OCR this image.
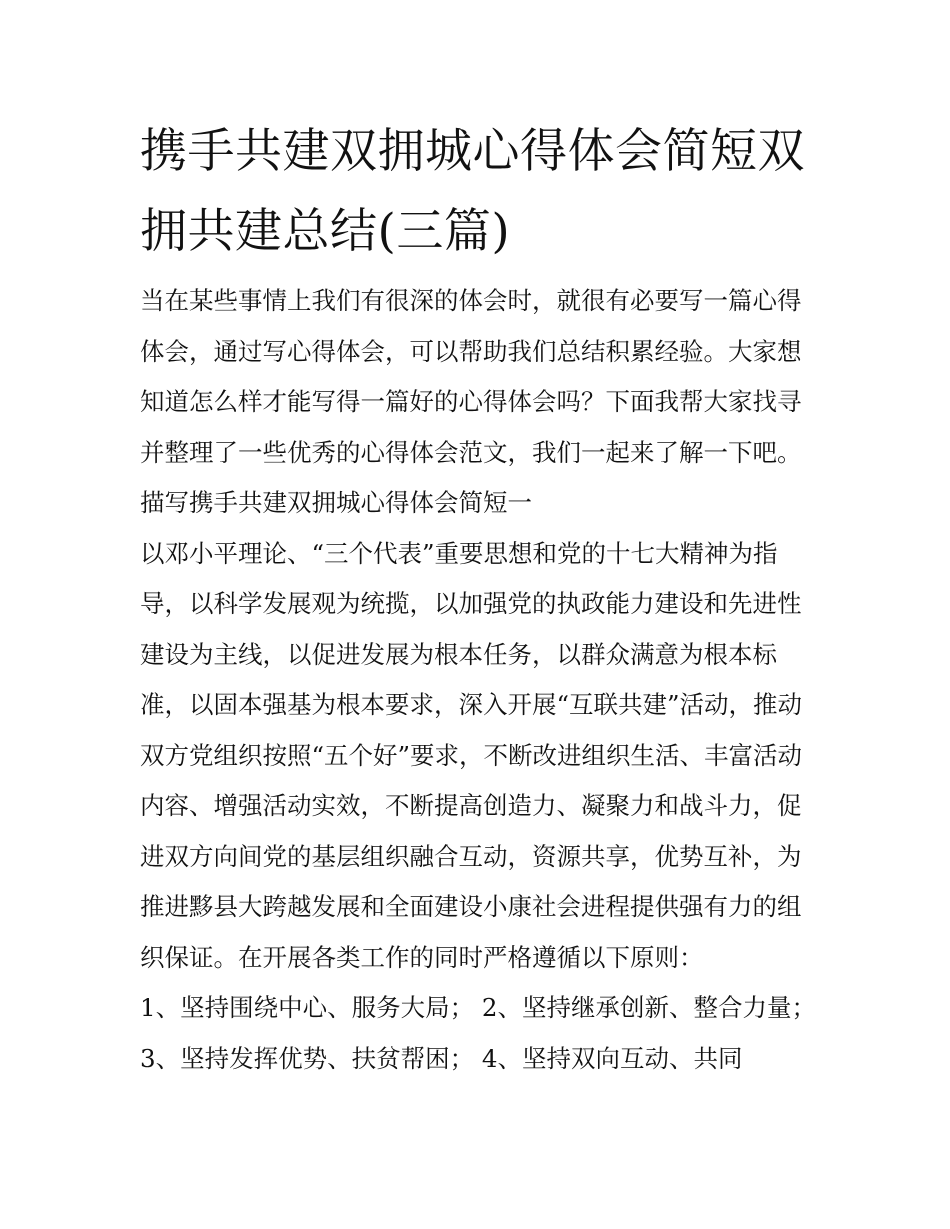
携手共建双拥城心得体会简短双拥共建总结(三篇)

当在某些事情上我们有很深的体会时，就很有必要写一篇心得体会，通过写心得体会，可以帮助我们总结积累经验。大家想知道怎么样才能写得一篇好的心得体会吗？下面我帮大家找寻并整理了一些优秀的心得体会范文，我们一起来了解一下吧。

描写携手共建双拥城心得体会简短一

以邓小平理论、“三个代表”重要思想和党的十七大精神为指导，以科学发展观为统揽，以加强党的执政能力建设和先进性建设为主线，以促进发展为根本任务，以群众满意为根本标准，以固本强基为根本要求，深入开展“互联共建”活动，推动双方党组织按照“五个好”要求，不断改进组织生活、丰富活动内容、增强活动实效，不断提高创造力、凝聚力和战斗力，促进双方向间党的基层组织融合互动，资源共享，优势互补，为推进黟县大跨越发展和全面建设小康社会进程提供强有力的组织保证。在开展各类工作的同时严格遵循以下原则：

1、坚持围绕中心、服务大局； 2、坚持继承创新、整合力量； 3、坚持发挥优势、扶贫帮困； 4、坚持双向互动、共同
